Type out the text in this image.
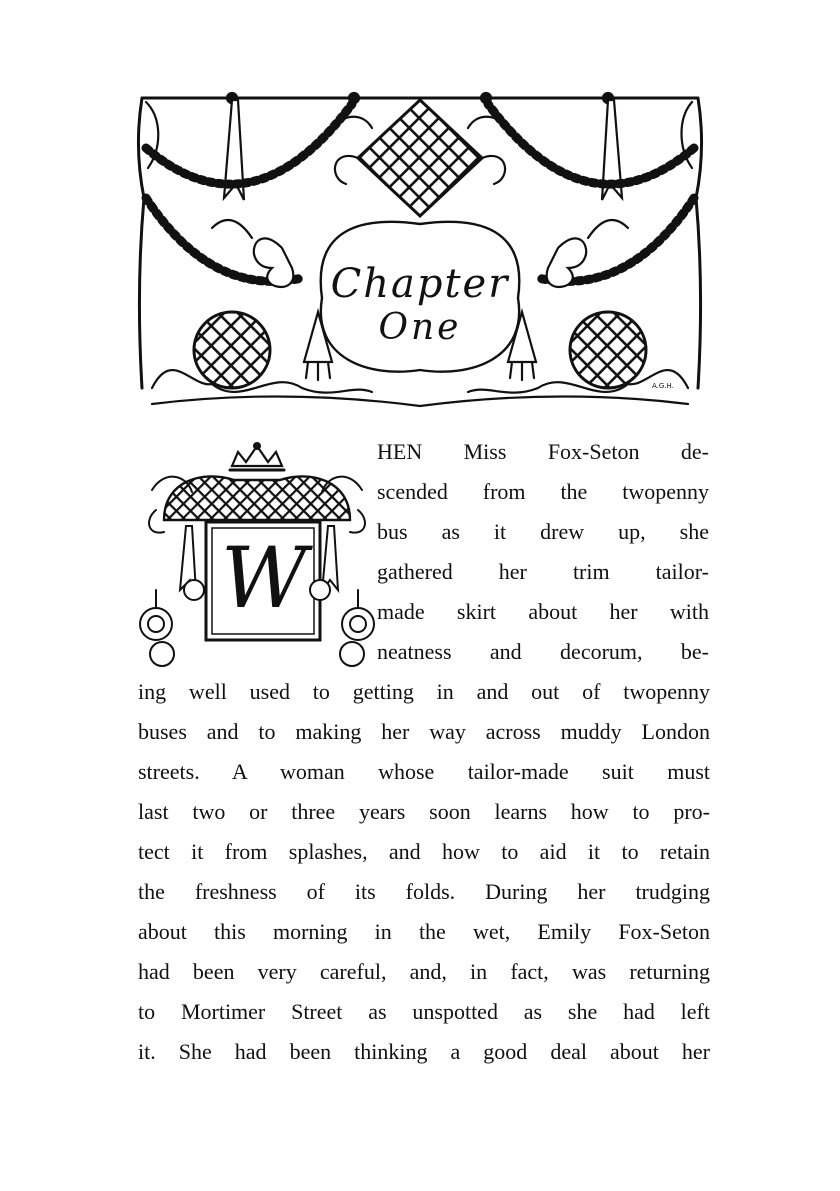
A.G.H.
Chapter
One
W
HEN Miss Fox-Seton de-
scended from the twopenny
bus as it drew up, she
gathered her trim tailor-
made skirt about her with
neatness and decorum, be-
ing well used to getting in and out of twopenny
buses and to making her way across muddy London
streets. A woman whose tailor-made suit must
last two or three years soon learns how to pro-
tect it from splashes, and how to aid it to retain
the freshness of its folds. During her trudging
about this morning in the wet, Emily Fox-Seton
had been very careful, and, in fact, was returning
to Mortimer Street as unspotted as she had left
it. She had been thinking a good deal about her
